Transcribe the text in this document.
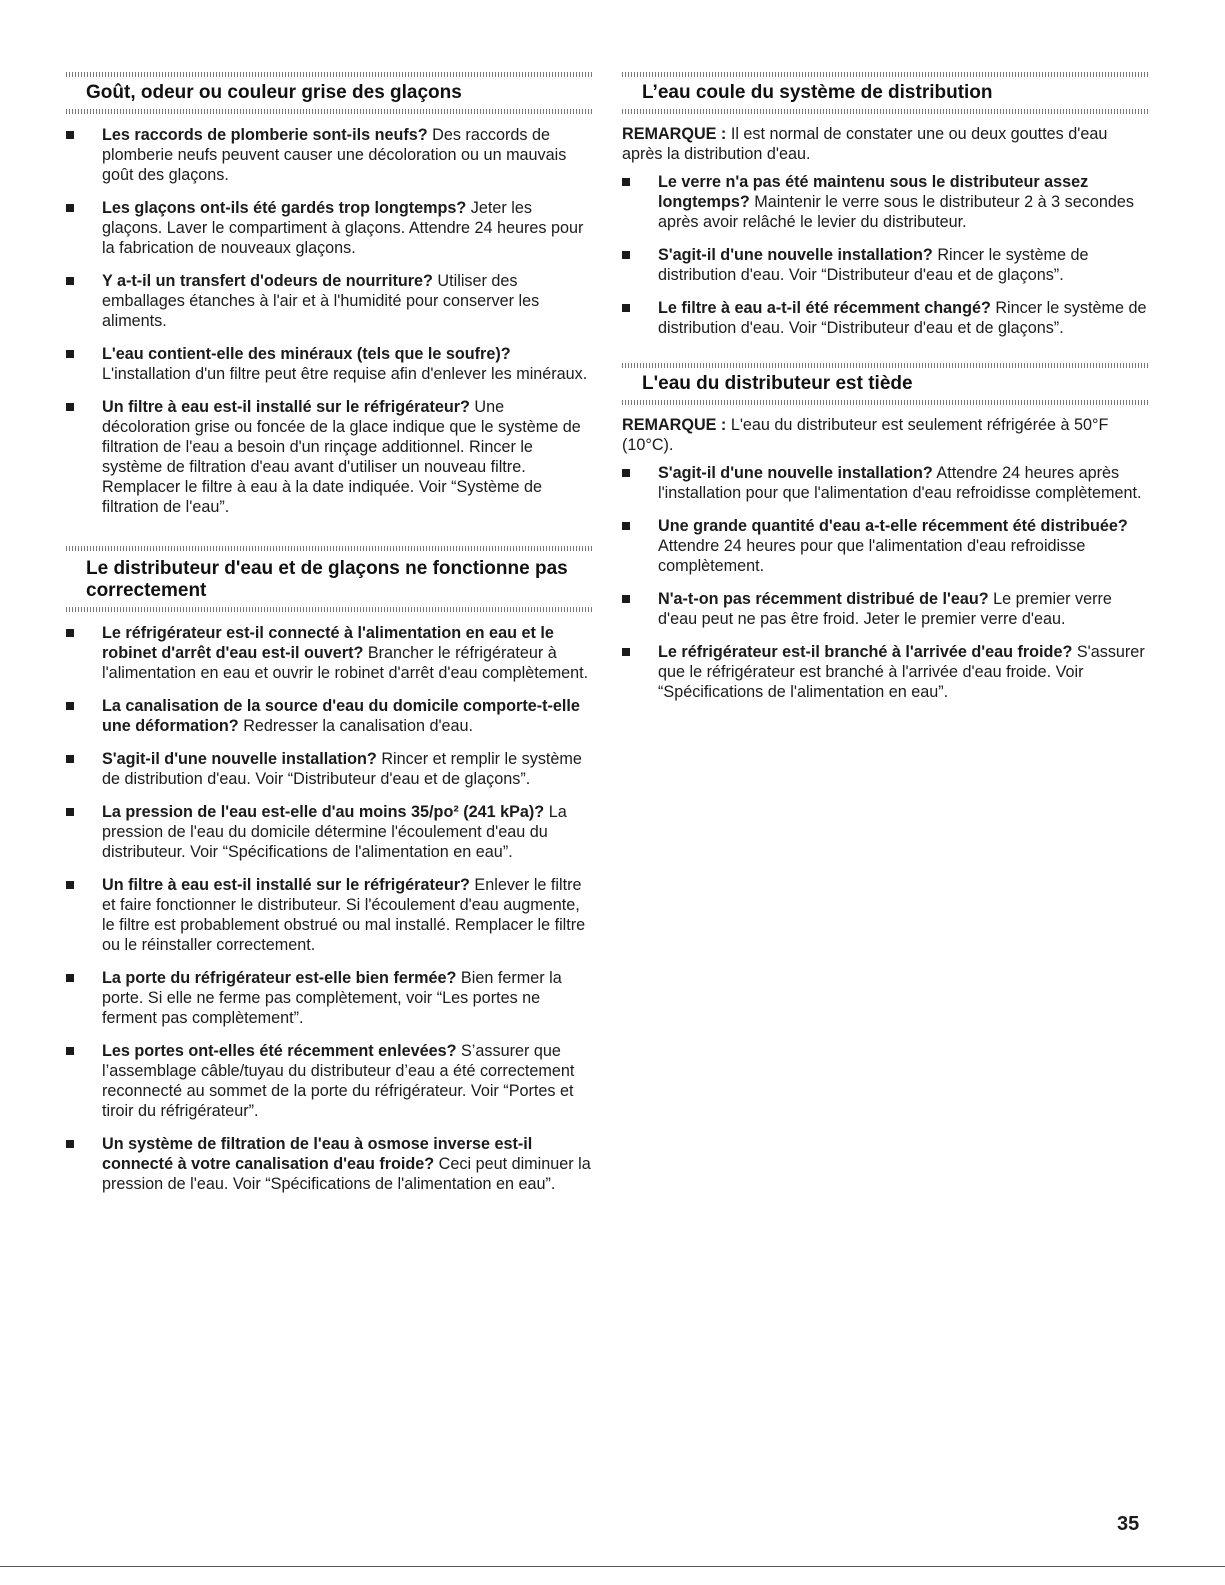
Goût, odeur ou couleur grise des glaçons
Les raccords de plomberie sont-ils neufs? Des raccords de plomberie neufs peuvent causer une décoloration ou un mauvais goût des glaçons.
Les glaçons ont-ils été gardés trop longtemps? Jeter les glaçons. Laver le compartiment à glaçons. Attendre 24 heures pour la fabrication de nouveaux glaçons.
Y a-t-il un transfert d'odeurs de nourriture? Utiliser des emballages étanches à l'air et à l'humidité pour conserver les aliments.
L'eau contient-elle des minéraux (tels que le soufre)? L'installation d'un filtre peut être requise afin d'enlever les minéraux.
Un filtre à eau est-il installé sur le réfrigérateur? Une décoloration grise ou foncée de la glace indique que le système de filtration de l'eau a besoin d'un rinçage additionnel. Rincer le système de filtration d'eau avant d'utiliser un nouveau filtre. Remplacer le filtre à eau à la date indiquée. Voir “Système de filtration de l'eau”.
Le distributeur d'eau et de glaçons ne fonctionne pas
correctement
Le réfrigérateur est-il connecté à l'alimentation en eau et le robinet d'arrêt d'eau est-il ouvert? Brancher le réfrigérateur à l'alimentation en eau et ouvrir le robinet d'arrêt d'eau complètement.
La canalisation de la source d'eau du domicile comporte-t-elle une déformation? Redresser la canalisation d'eau.
S'agit-il d'une nouvelle installation? Rincer et remplir le système de distribution d'eau. Voir “Distributeur d'eau et de glaçons”.
La pression de l'eau est-elle d'au moins 35/po² (241 kPa)? La pression de l'eau du domicile détermine l'écoulement d'eau du distributeur. Voir “Spécifications de l'alimentation en eau”.
Un filtre à eau est-il installé sur le réfrigérateur? Enlever le filtre et faire fonctionner le distributeur. Si l'écoulement d'eau augmente, le filtre est probablement obstrué ou mal installé. Remplacer le filtre ou le réinstaller correctement.
La porte du réfrigérateur est-elle bien fermée? Bien fermer la porte. Si elle ne ferme pas complètement, voir “Les portes ne ferment pas complètement”.
Les portes ont-elles été récemment enlevées? S’assurer que l’assemblage câble/tuyau du distributeur d’eau a été correctement reconnecté au sommet de la porte du réfrigérateur. Voir “Portes et tiroir du réfrigérateur”.
Un système de filtration de l'eau à osmose inverse est-il connecté à votre canalisation d'eau froide? Ceci peut diminuer la pression de l'eau. Voir “Spécifications de l'alimentation en eau”.
L’eau coule du système de distribution

REMARQUE : Il est normal de constater une ou deux gouttes d'eau après la distribution d'eau.

Le verre n'a pas été maintenu sous le distributeur assez longtemps? Maintenir le verre sous le distributeur 2 à 3 secondes après avoir relâché le levier du distributeur.
S'agit-il d'une nouvelle installation? Rincer le système de distribution d'eau. Voir “Distributeur d'eau et de glaçons”.
Le filtre à eau a-t-il été récemment changé? Rincer le système de distribution d'eau. Voir “Distributeur d'eau et de glaçons”.
L'eau du distributeur est tiède

REMARQUE : L'eau du distributeur est seulement réfrigérée à 50°F (10°C).

S'agit-il d'une nouvelle installation? Attendre 24 heures après l'installation pour que l'alimentation d'eau refroidisse complètement.
Une grande quantité d'eau a-t-elle récemment été distribuée? Attendre 24 heures pour que l'alimentation d'eau refroidisse complètement.
N'a-t-on pas récemment distribué de l'eau? Le premier verre d'eau peut ne pas être froid. Jeter le premier verre d'eau.
Le réfrigérateur est-il branché à l'arrivée d'eau froide? S'assurer que le réfrigérateur est branché à l'arrivée d'eau froide. Voir “Spécifications de l'alimentation en eau”.
35
